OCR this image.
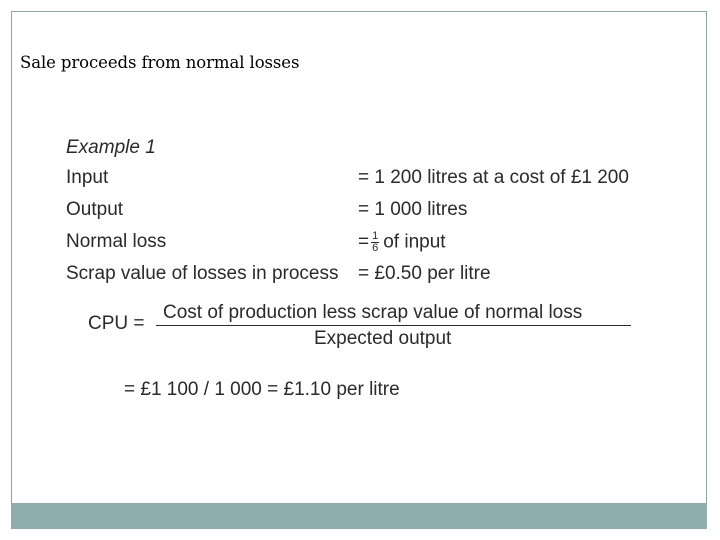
Sale proceeds from normal losses
Example 1
Input	= 1 200 litres at a cost of £1 200
Output	= 1 000 litres
Normal loss	= $\frac{1}{6}$ of input
Scrap value of losses in process = £0.50 per litre
CPU =
Cost of production less scrap value of normal loss
Expected output
= £1 100 / 1 000 = £1.10 per litre
